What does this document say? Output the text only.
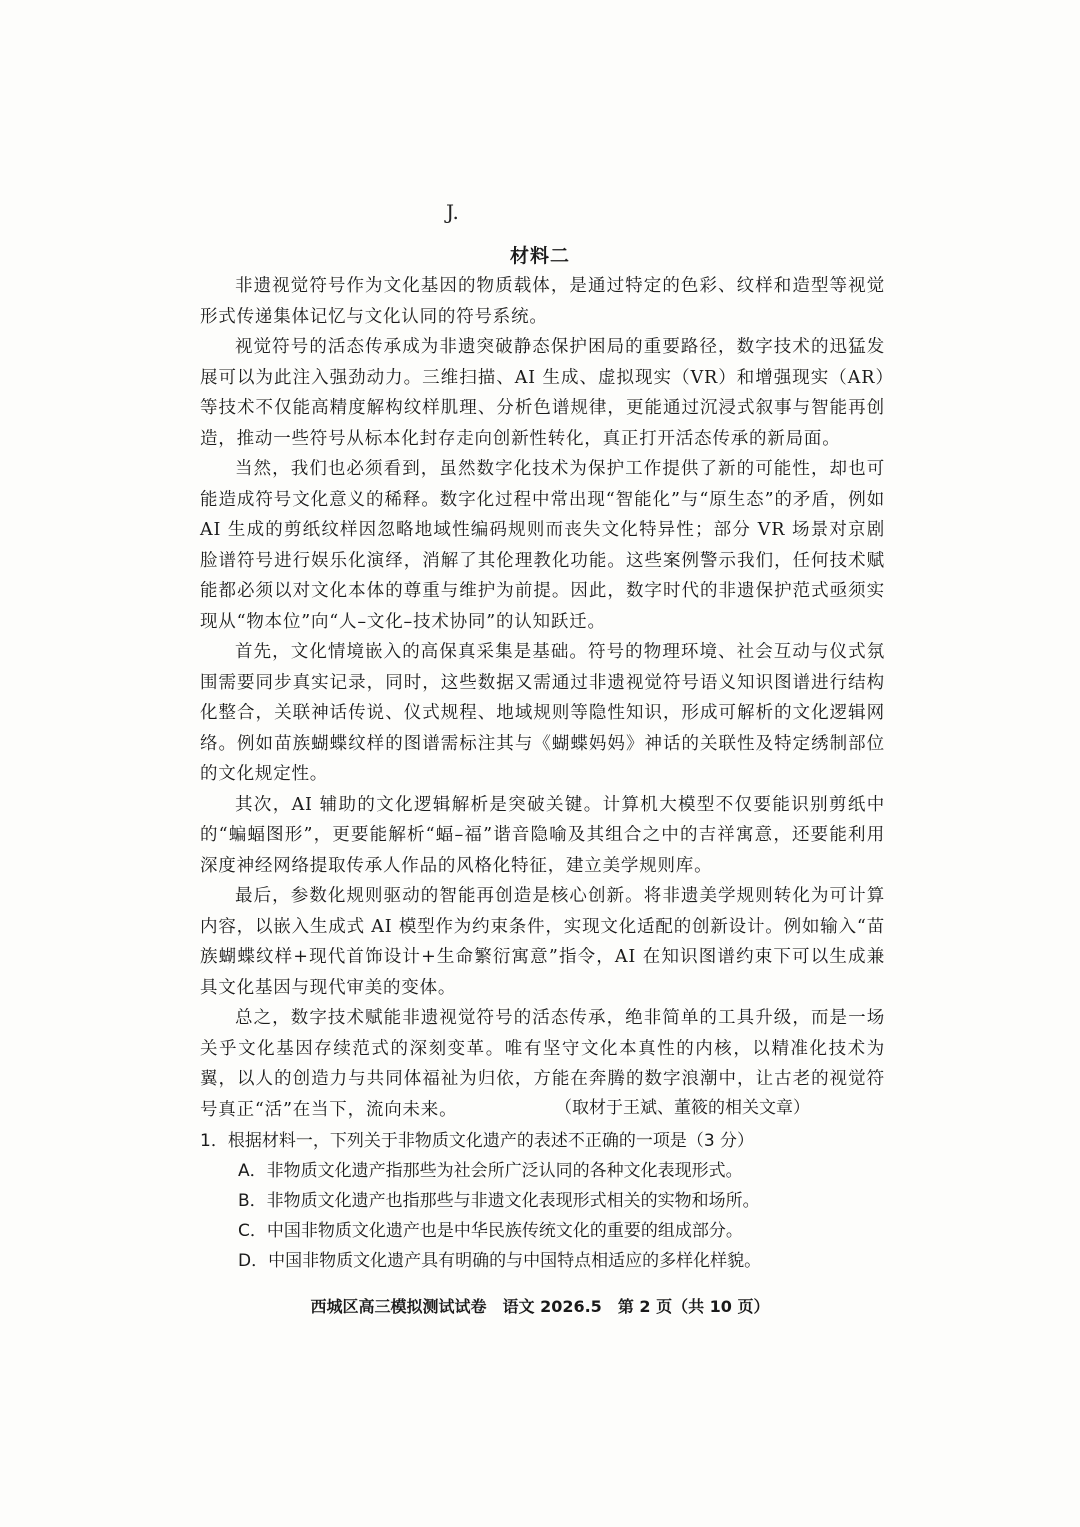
J.
材料二

非遗视觉符号作为文化基因的物质载体，是通过特定的色彩、纹样和造型等视觉形式传递集体记忆与文化认同的符号系统。

视觉符号的活态传承成为非遗突破静态保护困局的重要路径，数字技术的迅猛发展可以为此注入强劲动力。三维扫描、AI 生成、虚拟现实（VR）和增强现实（AR）等技术不仅能高精度解构纹样肌理、分析色谱规律，更能通过沉浸式叙事与智能再创造，推动一些符号从标本化封存走向创新性转化，真正打开活态传承的新局面。

当然，我们也必须看到，虽然数字化技术为保护工作提供了新的可能性，却也可能造成符号文化意义的稀释。数字化过程中常出现“智能化”与“原生态”的矛盾，例如 AI 生成的剪纸纹样因忽略地域性编码规则而丧失文化特异性；部分 VR 场景对京剧脸谱符号进行娱乐化演绎，消解了其伦理教化功能。这些案例警示我们，任何技术赋能都必须以对文化本体的尊重与维护为前提。因此，数字时代的非遗保护范式亟须实现从“物本位”向“人–文化–技术协同”的认知跃迁。

首先，文化情境嵌入的高保真采集是基础。符号的物理环境、社会互动与仪式氛围需要同步真实记录，同时，这些数据又需通过非遗视觉符号语义知识图谱进行结构化整合，关联神话传说、仪式规程、地域规则等隐性知识，形成可解析的文化逻辑网络。例如苗族蝴蝶纹样的图谱需标注其与《蝴蝶妈妈》神话的关联性及特定绣制部位的文化规定性。

其次，AI 辅助的文化逻辑解析是突破关键。计算机大模型不仅要能识别剪纸中的“蝙蝠图形”，更要能解析“蝠–福”谐音隐喻及其组合之中的吉祥寓意，还要能利用深度神经网络提取传承人作品的风格化特征，建立美学规则库。

最后，参数化规则驱动的智能再创造是核心创新。将非遗美学规则转化为可计算内容，以嵌入生成式 AI 模型作为约束条件，实现文化适配的创新设计。例如输入“苗族蝴蝶纹样+现代首饰设计+生命繁衍寓意”指令，AI 在知识图谱约束下可以生成兼具文化基因与现代审美的变体。

总之，数字技术赋能非遗视觉符号的活态传承，绝非简单的工具升级，而是一场关乎文化基因存续范式的深刻变革。唯有坚守文化本真性的内核，以精准化技术为翼，以人的创造力与共同体福祉为归依，方能在奔腾的数字浪潮中，让古老的视觉符号真正“活”在当下，流向未来。	（取材于王斌、董筱的相关文章）

1．根据材料一，下列关于非物质文化遗产的表述不正确的一项是（3 分）

A．非物质文化遗产指那些为社会所广泛认同的各种文化表现形式。

B．非物质文化遗产也指那些与非遗文化表现形式相关的实物和场所。

C．中国非物质文化遗产也是中华民族传统文化的重要的组成部分。

D．中国非物质文化遗产具有明确的与中国特点相适应的多样化样貌。

西城区高三模拟测试试卷　语文 2026.5　第 2 页（共 10 页）
